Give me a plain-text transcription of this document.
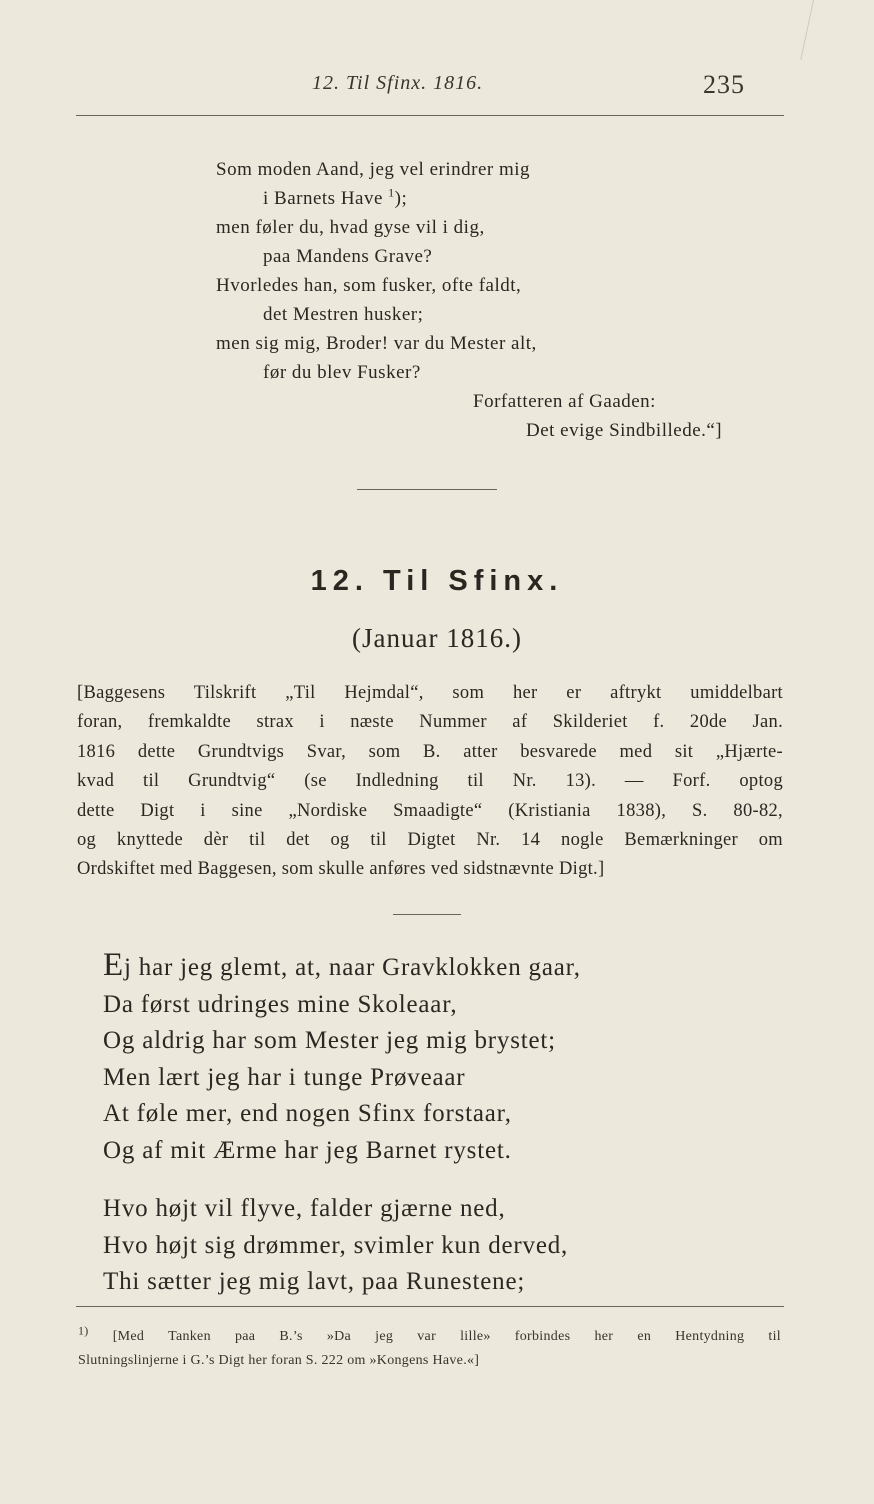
12. Til Sfinx. 1816.	235
Som moden Aand, jeg vel erindrer mig
i Barnets Have $^1$);
men føler du, hvad gyse vil i dig,
paa Mandens Grave?
Hvorledes han, som fusker, ofte faldt,
det Mestren husker;
men sig mig, Broder! var du Mester alt,
før du blev Fusker?
Forfatteren af Gaaden:
Det evige Sindbillede.“]
12. Til Sfinx.
(Januar 1816.)
[Baggesens Tilskrift „Til Hejmdal“, som her er aftrykt umiddelbart
foran, fremkaldte strax i næste Nummer af Skilderiet f. 20de Jan.
1816 dette Grundtvigs Svar, som B. atter besvarede med sit „Hjærte-
kvad til Grundtvig“ (se Indledning til Nr. 13). — Forf. optog
dette Digt i sine „Nordiske Smaadigte“ (Kristiania 1838), S. 80-82,
og knyttede dèr til det og til Digtet Nr. 14 nogle Bemærkninger om
Ordskiftet med Baggesen, som skulle anføres ved sidstnævnte Digt.]
Ej har jeg glemt, at, naar Gravklokken gaar,
Da først udringes mine Skoleaar,
Og aldrig har som Mester jeg mig brystet;
Men lært jeg har i tunge Prøveaar
At føle mer, end nogen Sfinx forstaar,
Og af mit Ærme har jeg Barnet rystet.
Hvo højt vil flyve, falder gjærne ned,
Hvo højt sig drømmer, svimler kun derved,
Thi sætter jeg mig lavt, paa Runestene;
1) [Med Tanken paa B.’s »Da jeg var lille» forbindes her en Hentydning til
Slutningslinjerne i G.’s Digt her foran S. 222 om »Kongens Have.«]
